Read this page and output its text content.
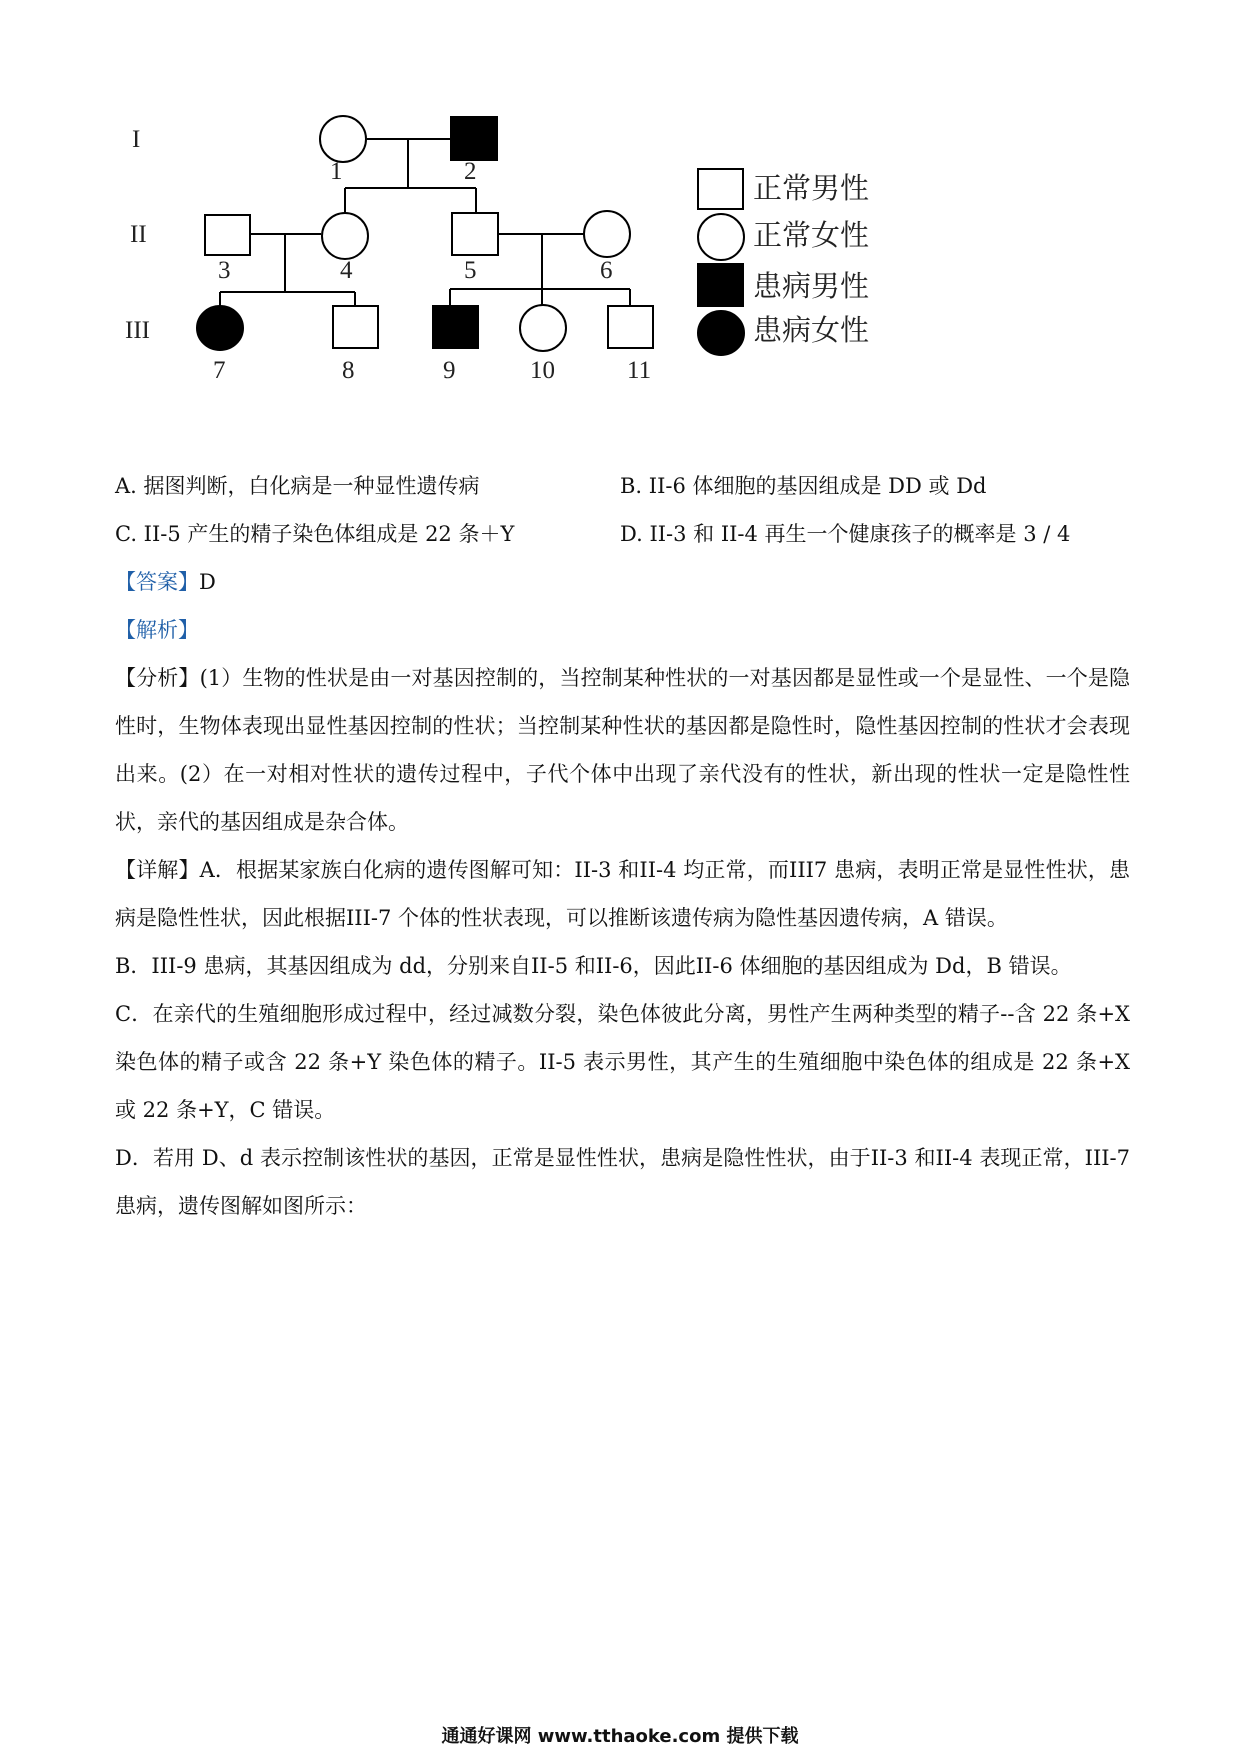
I
II
III
1	2
3	4	5	6
7	8	9	10	11
正常男性
正常女性
患病男性
患病女性
A. 据图判断，白化病是一种显性遗传病	B. II-6 体细胞的基因组成是 DD 或 Dd
C. II-5 产生的精子染色体组成是 22 条＋Y	D. II-3 和 II-4 再生一个健康孩子的概率是 3 / 4

【答案】D

【解析】

【分析】(1）生物的性状是由一对基因控制的，当控制某种性状的一对基因都是显性或一个是显性、一个是隐性时，生物体表现出显性基因控制的性状；当控制某种性状的基因都是隐性时，隐性基因控制的性状才会表现出来。(2）在一对相对性状的遗传过程中，子代个体中出现了亲代没有的性状，新出现的性状一定是隐性性状，亲代的基因组成是杂合体。

【详解】A．根据某家族白化病的遗传图解可知：II-3 和II-4 均正常，而III7 患病，表明正常是显性性状，患病是隐性性状，因此根据III-7 个体的性状表现，可以推断该遗传病为隐性基因遗传病，A 错误。

B．III-9 患病，其基因组成为 dd，分别来自II-5 和II-6，因此II-6 体细胞的基因组成为 Dd，B 错误。

C．在亲代的生殖细胞形成过程中，经过减数分裂，染色体彼此分离，男性产生两种类型的精子--含 22 条+X 染色体的精子或含 22 条+Y 染色体的精子。II-5 表示男性，其产生的生殖细胞中染色体的组成是 22 条+X 或 22 条+Y，C 错误。

D．若用 D、d 表示控制该性状的基因，正常是显性性状，患病是隐性性状，由于II-3 和II-4 表现正常，III-7 患病，遗传图解如图所示：

通通好课网 www.tthaoke.com 提供下载
